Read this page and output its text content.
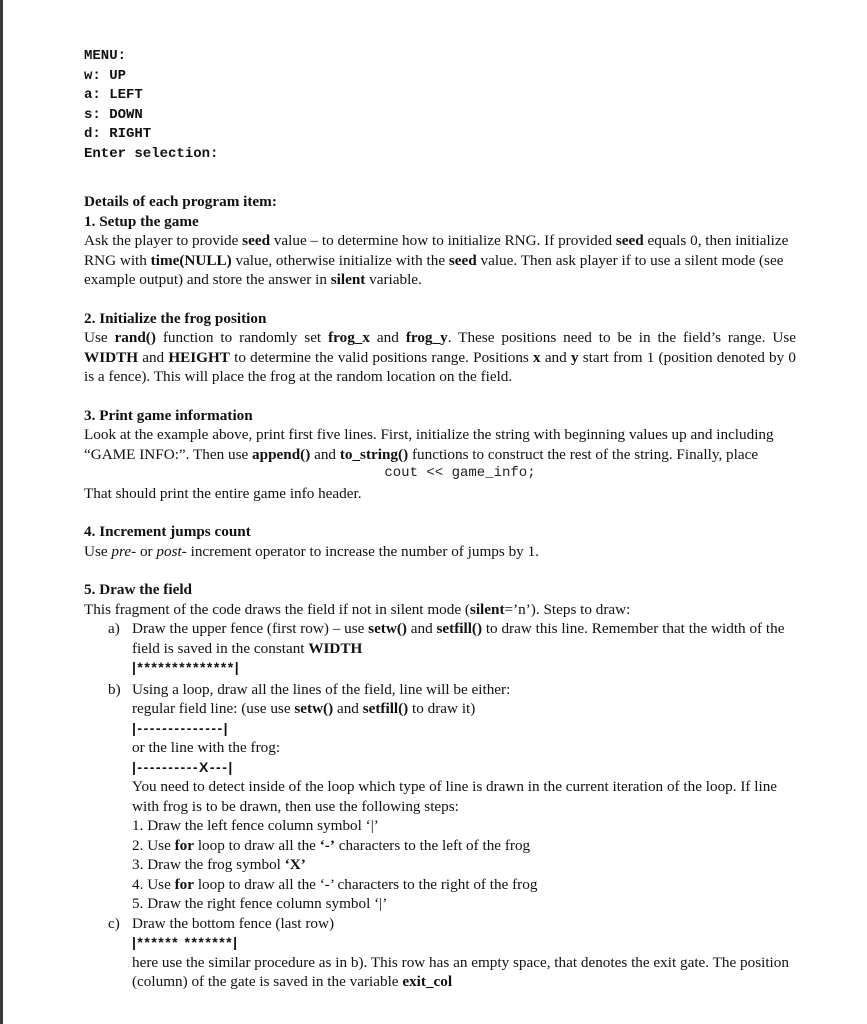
MENU:
w: UP
a: LEFT
s: DOWN
d: RIGHT
Enter selection:
Details of each program item:
1. Setup the game

Ask the player to provide seed value – to determine how to initialize RNG. If provided seed equals 0, then initialize RNG with time(NULL) value, otherwise initialize with the seed value. Then ask player if to use a silent mode (see example output) and store the answer in silent variable.

2. Initialize the frog position

Use rand() function to randomly set frog_x and frog_y. These positions need to be in the field’s range. Use WIDTH and HEIGHT to determine the valid positions range. Positions x and y start from 1 (position denoted by 0 is a fence). This will place the frog at the random location on the field.

3. Print game information

Look at the example above, print first five lines. First, initialize the string with beginning values up and including “GAME INFO:”. Then use append() and to_string() functions to construct the rest of the string. Finally, place

cout << game_info;

That should print the entire game info header.

4. Increment jumps count

Use pre- or post- increment operator to increase the number of jumps by 1.

5. Draw the field

This fragment of the code draws the field if not in silent mode (silent=’n’). Steps to draw:

a) Draw the upper fence (first row) – use setw() and setfill() to draw this line. Remember that the width of the field is saved in the constant WIDTH

|**************|
b) Using a loop, draw all the lines of the field, line will be either:

regular field line: (use use setw() and setfill() to draw it)

|--------------|

or the line with the frog:

|----------X---|

You need to detect inside of the loop which type of line is drawn in the current iteration of the loop. If line with frog is to be drawn, then use the following steps:

1. Draw the left fence column symbol ‘|’
2. Use for loop to draw all the ‘-’ characters to the left of the frog
3. Draw the frog symbol ‘X’
4. Use for loop to draw all the ‘-’ characters to the right of the frog
5. Draw the right fence column symbol ‘|’
c) Draw the bottom fence (last row)

|****** *******|

here use the similar procedure as in b). This row has an empty space, that denotes the exit gate. The position (column) of the gate is saved in the variable exit_col
